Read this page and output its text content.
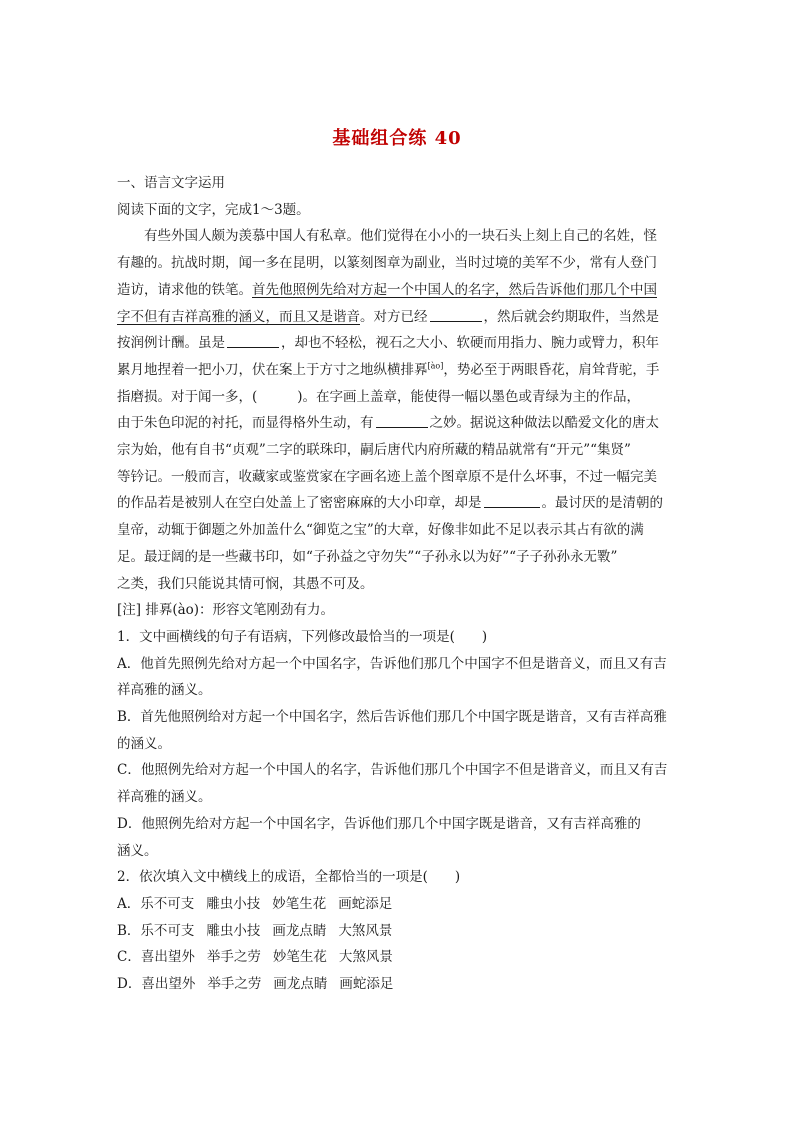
基础组合练 40
一、语言文字运用
阅读下面的文字，完成1～3题。
有些外国人颇为羡慕中国人有私章。他们觉得在小小的一块石头上刻上自己的名姓，怪
有趣的。抗战时期，闻一多在昆明，以篆刻图章为副业，当时过境的美军不少，常有人登门
造访，请求他的铁笔。首先他照例先给对方起一个中国人的名字，然后告诉他们那几个中国
字不但有吉祥高雅的涵义，而且又是谐音。对方已经	，然后就会约期取件，当然是
按润例计酬。虽是	，却也不轻松，视石之大小、软硬而用指力、腕力或臂力，积年
累月地捏着一把小刀，伏在案上于方寸之地纵横排奡[ào]，势必至于两眼昏花，肩耸背驼，手
指磨损。对于闻一多，(	)。在字画上盖章，能使得一幅以墨色或青绿为主的作品，
由于朱色印泥的衬托，而显得格外生动，有	之妙。据说这种做法以酷爱文化的唐太
宗为始，他有自书“贞观”二字的联珠印，嗣后唐代内府所藏的精品就常有“开元”“集贤”
等钤记。一般而言，收藏家或鉴赏家在字画名迹上盖个图章原不是什么坏事，不过一幅完美
的作品若是被别人在空白处盖上了密密麻麻的大小印章，却是	。最讨厌的是清朝的
皇帝，动辄于御题之外加盖什么“御览之宝”的大章，好像非如此不足以表示其占有欲的满
足。最迂阔的是一些藏书印，如“子孙益之守勿失”“子孙永以为好”“子子孙孙永无斁”
之类，我们只能说其情可悯，其愚不可及。
[注] 排奡(ào)：形容文笔刚劲有力。
1．文中画横线的句子有语病，下列修改最恰当的一项是(　　)
A．他首先照例先给对方起一个中国名字，告诉他们那几个中国字不但是谐音义，而且又有吉
祥高雅的涵义。
B．首先他照例给对方起一个中国名字，然后告诉他们那几个中国字既是谐音，又有吉祥高雅
的涵义。
C．他照例先给对方起一个中国人的名字，告诉他们那几个中国字不但是谐音义，而且又有吉
祥高雅的涵义。
D．他照例先给对方起一个中国名字，告诉他们那几个中国字既是谐音，又有吉祥高雅的
涵义。
2．依次填入文中横线上的成语，全都恰当的一项是(　　)
A．乐不可支 雕虫小技 妙笔生花 画蛇添足
B．乐不可支 雕虫小技 画龙点睛 大煞风景
C．喜出望外 举手之劳 妙笔生花 大煞风景
D．喜出望外 举手之劳 画龙点睛 画蛇添足
